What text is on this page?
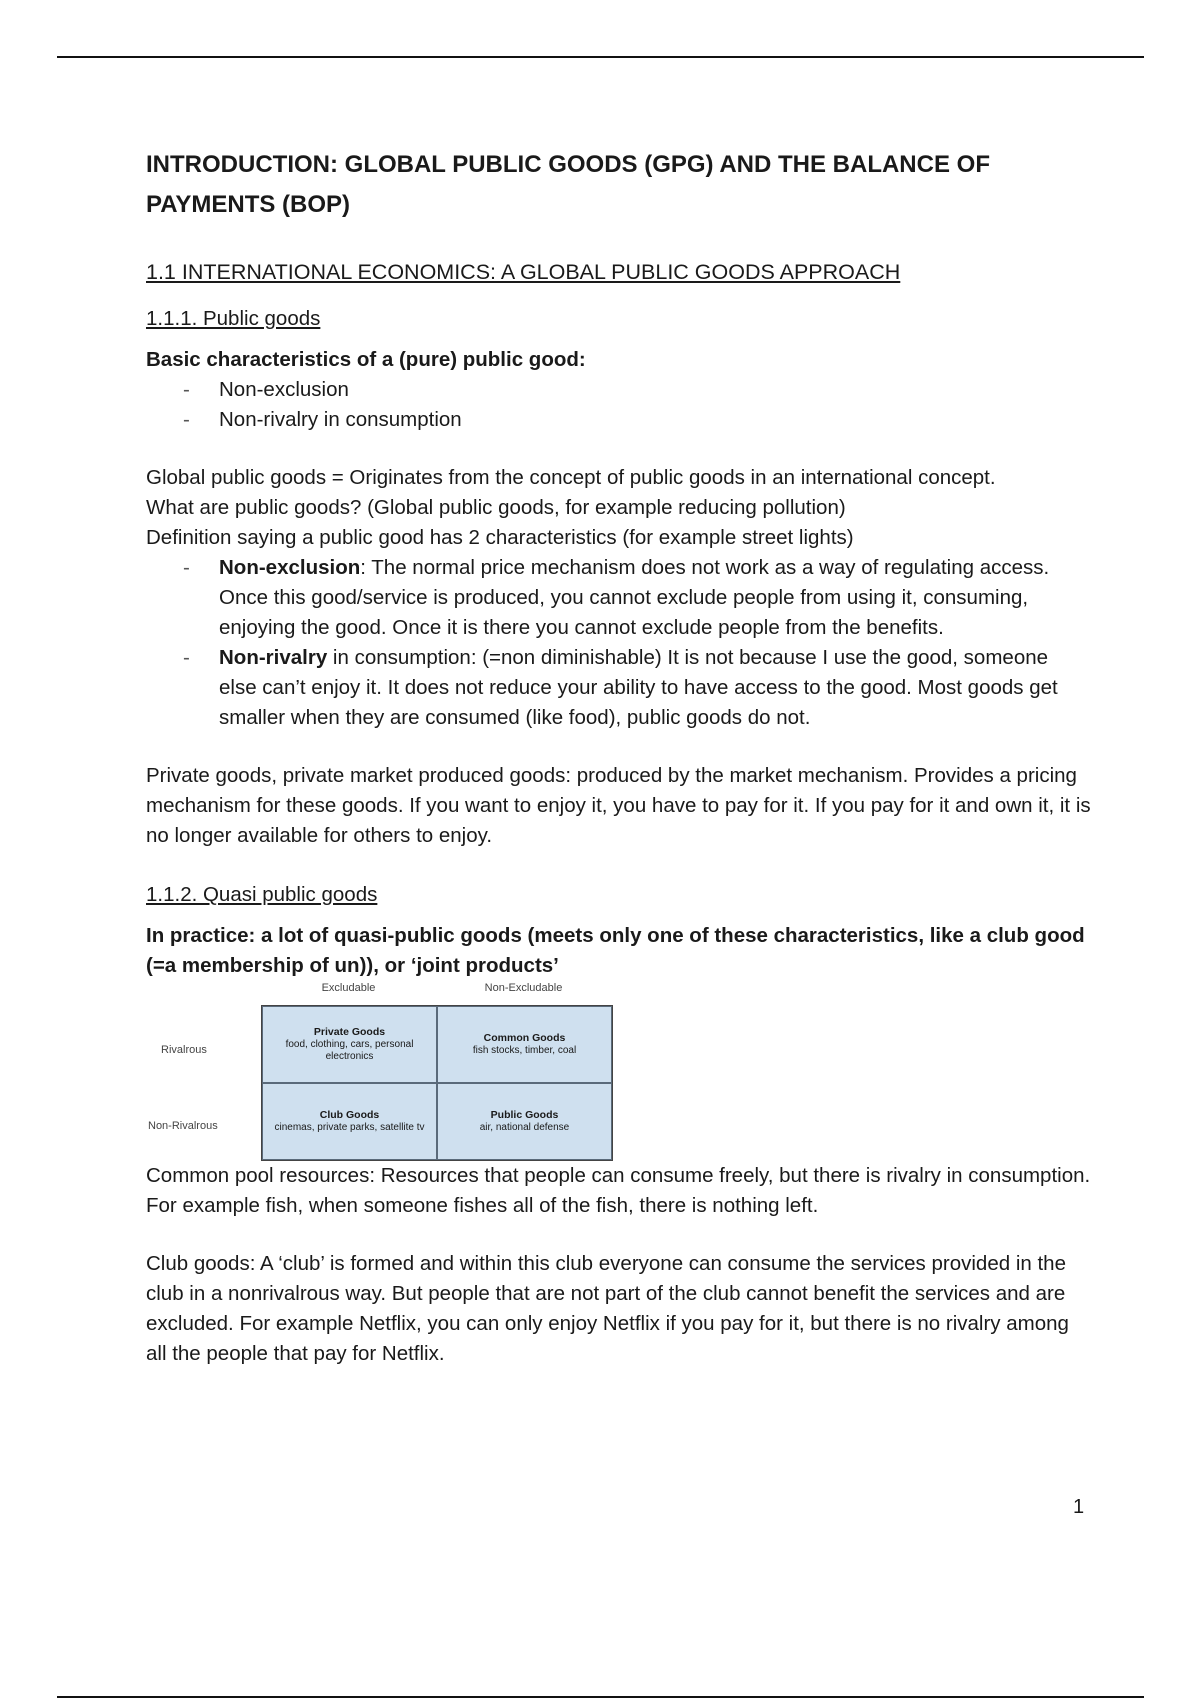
INTRODUCTION: GLOBAL PUBLIC GOODS (GPG) AND THE BALANCE OF PAYMENTS (BOP)
1.1 INTERNATIONAL ECONOMICS: A GLOBAL PUBLIC GOODS APPROACH
1.1.1. Public goods

Basic characteristics of a (pure) public good:

- Non-exclusion
- Non-rivalry in consumption

Global public goods = Originates from the concept of public goods in an international concept.

What are public goods? (Global public goods, for example reducing pollution)

Definition saying a public good has 2 characteristics (for example street lights)

- Non-exclusion: The normal price mechanism does not work as a way of regulating access. Once this good/service is produced, you cannot exclude people from using it, consuming, enjoying the good. Once it is there you cannot exclude people from the benefits.
- Non-rivalry in consumption: (=non diminishable) It is not because I use the good, someone else can’t enjoy it. It does not reduce your ability to have access to the good. Most goods get smaller when they are consumed (like food), public goods do not.

Private goods, private market produced goods: produced by the market mechanism. Provides a pricing mechanism for these goods. If you want to enjoy it, you have to pay for it. If you pay for it and own it, it is no longer available for others to enjoy.

1.1.2. Quasi public goods

In practice: a lot of quasi-public goods (meets only one of these characteristics, like a club good (=a membership of un)), or ‘joint products’

Excludable	Non-Excludable
Rivalrous
Non-Rivalrous
Private Goods
food, clothing, cars, personal electronics
Common Goods
fish stocks, timber, coal
Club Goods
cinemas, private parks, satellite tv
Public Goods
air, national defense

Common pool resources: Resources that people can consume freely, but there is rivalry in consumption. For example fish, when someone fishes all of the fish, there is nothing left.

Club goods: A ‘club’ is formed and within this club everyone can consume the services provided in the club in a nonrivalrous way. But people that are not part of the club cannot benefit the services and are excluded. For example Netflix, you can only enjoy Netflix if you pay for it, but there is no rivalry among all the people that pay for Netflix.

1
